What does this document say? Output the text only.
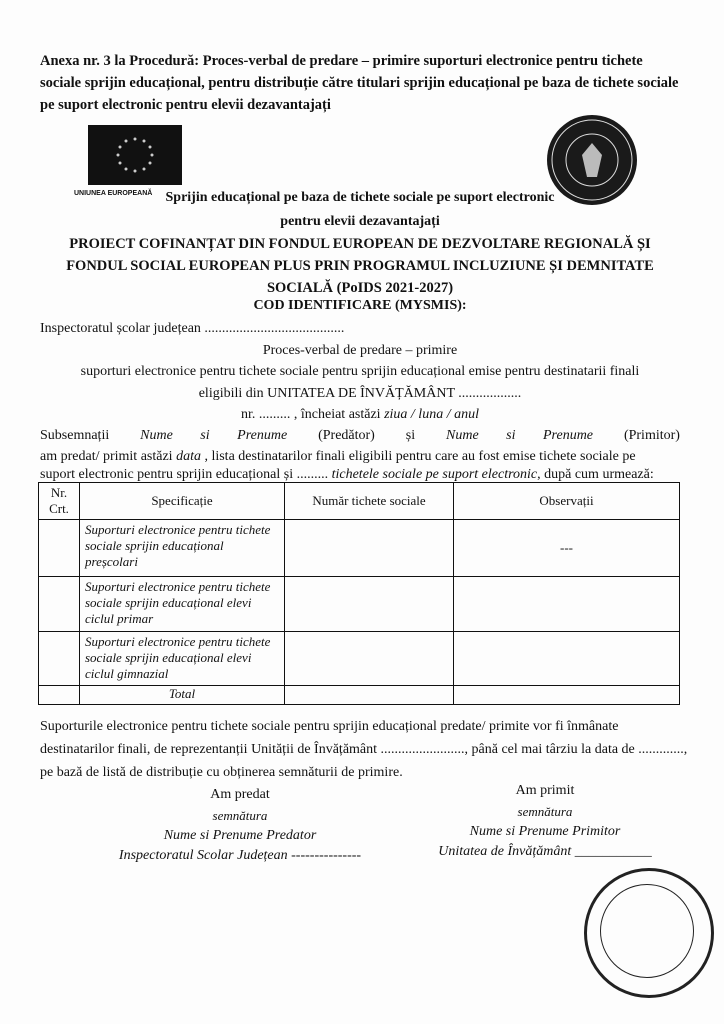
Anexa nr. 3 la Procedură: Proces-verbal de predare – primire suporturi electronice pentru tichete sociale sprijin educațional, pentru distribuție către titulari sprijin educațional pe baza de tichete sociale pe suport electronic pentru elevii dezavantajați
UNIUNEA EUROPEANĂ Sprijin educațional pe baza de tichete sociale pe suport electronic
pentru elevii dezavantajați
PROIECT COFINANȚAT DIN FONDUL EUROPEAN DE DEZVOLTARE REGIONALĂ ȘI FONDUL SOCIAL EUROPEAN PLUS PRIN PROGRAMUL INCLUZIUNE ȘI DEMNITATE SOCIALĂ (PoIDS 2021-2027)
COD IDENTIFICARE (MYSMIS):
Inspectoratul școlar județean ........................................
Proces-verbal de predare – primire
suporturi electronice pentru tichete sociale pentru sprijin educațional emise pentru destinatarii finali
eligibili din UNITATEA DE ÎNVĂȚĂMÂNT ..................
nr. ......... , încheiat astăzi ziua / luna / anul
Subsemnații Nume si Prenume (Predător) și Nume si Prenume (Primitor)
am predat/ primit astăzi data , lista destinatarilor finali eligibili pentru care au fost emise tichete sociale pe
suport electronic pentru sprijin educațional și ......... tichetele sociale pe suport electronic, după cum urmează:
Nr. Crt.	Specificație	Număr tichete sociale	Observații
	Suporturi electronice pentru tichete sociale sprijin educațional preșcolari		---
	Suporturi electronice pentru tichete sociale sprijin educațional elevi ciclul primar		
	Suporturi electronice pentru tichete sociale sprijin educațional elevi ciclul gimnazial		
	Total		
Suporturile electronice pentru tichete sociale pentru sprijin educațional predate/ primite vor fi înmânate destinatarilor finali, de reprezentanții Unității de Învățământ ........................, până cel mai târziu la data de ............., pe bază de listă de distribuție cu obținerea semnăturii de primire.
Am predat
semnătura
Nume si Prenume Predator
Inspectoratul Scolar Județean ---------------
Am primit
semnătura
Nume si Prenume Primitor
Unitatea de Învățământ ___________
